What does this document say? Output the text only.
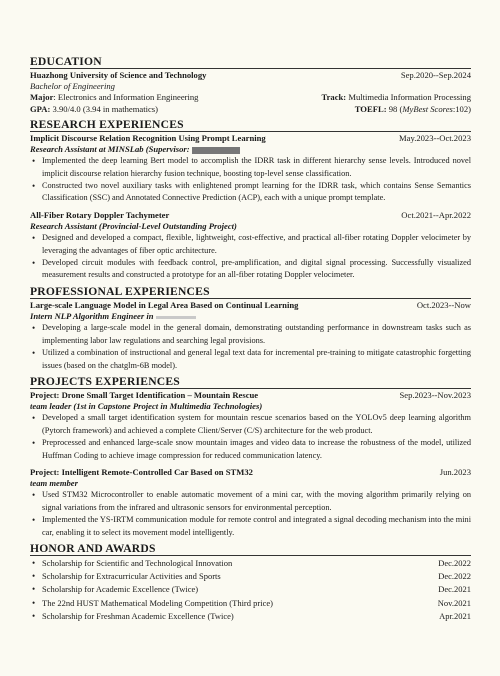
EDUCATION
Huazhong University of Science and Technology	Sep.2020--Sep.2024
Bachelor of Engineering
Major: Electronics and Information Engineering	Track: Multimedia Information Processing
GPA: 3.90/4.0 (3.94 in mathematics)	TOEFL: 98 (MyBest Scores:102)
RESEARCH EXPERIENCES
Implicit Discourse Relation Recognition Using Prompt Learning	May.2023--Oct.2023
Research Assistant at MINSLab (Supervisor:
• Implemented the deep learning Bert model to accomplish the IDRR task in different hierarchy sense levels. Introduced novel implicit discourse relation hierarchy fusion technique, boosting top-level sense classification.
• Constructed two novel auxiliary tasks with enlightened prompt learning for the IDRR task, which contains Sense Semantics Classification (SSC) and Annotated Connective Prediction (ACP), each with a unique prompt template.
All-Fiber Rotary Doppler Tachymeter	Oct.2021--Apr.2022
Research Assistant (Provincial-Level Outstanding Project)
• Designed and developed a compact, flexible, lightweight, cost-effective, and practical all-fiber rotating Doppler velocimeter by leveraging the advantages of fiber optic architecture.
• Developed circuit modules with feedback control, pre-amplification, and digital signal processing. Successfully visualized measurement results and constructed a prototype for an all-fiber rotating Doppler velocimeter.
PROFESSIONAL EXPERIENCES
Large-scale Language Model in Legal Area Based on Continual Learning	Oct.2023--Now
Intern NLP Algorithm Engineer in
• Developing a large-scale model in the general domain, demonstrating outstanding performance in downstream tasks such as implementing labor law regulations and searching legal provisions.
• Utilized a combination of instructional and general legal text data for incremental pre-training to mitigate catastrophic forgetting issues (based on the chatglm-6B model).
PROJECTS EXPERIENCES
Project: Drone Small Target Identification – Mountain Rescue	Sep.2023--Nov.2023
team leader (1st in Capstone Project in Multimedia Technologies)
• Developed a small target identification system for mountain rescue scenarios based on the YOLOv5 deep learning algorithm (Pytorch framework) and achieved a complete Client/Server (C/S) architecture for the web product.
• Preprocessed and enhanced large-scale snow mountain images and video data to increase the robustness of the model, utilized Huffman Coding to achieve image compression for reduced communication latency.
Project: Intelligent Remote-Controlled Car Based on STM32	Jun.2023
team member
• Used STM32 Microcontroller to enable automatic movement of a mini car, with the moving algorithm primarily relying on signal variations from the infrared and ultrasonic sensors for environmental perception.
• Implemented the YS-IRTM communication module for remote control and integrated a signal decoding mechanism into the mini car, enabling it to select its movement model intelligently.
HONOR AND AWARDS
• Scholarship for Scientific and Technological Innovation	Dec.2022
• Scholarship for Extracurricular Activities and Sports	Dec.2022
• Scholarship for Academic Excellence (Twice)	Dec.2021
• The 22nd HUST Mathematical Modeling Competition (Third price)	Nov.2021
• Scholarship for Freshman Academic Excellence (Twice)	Apr.2021
